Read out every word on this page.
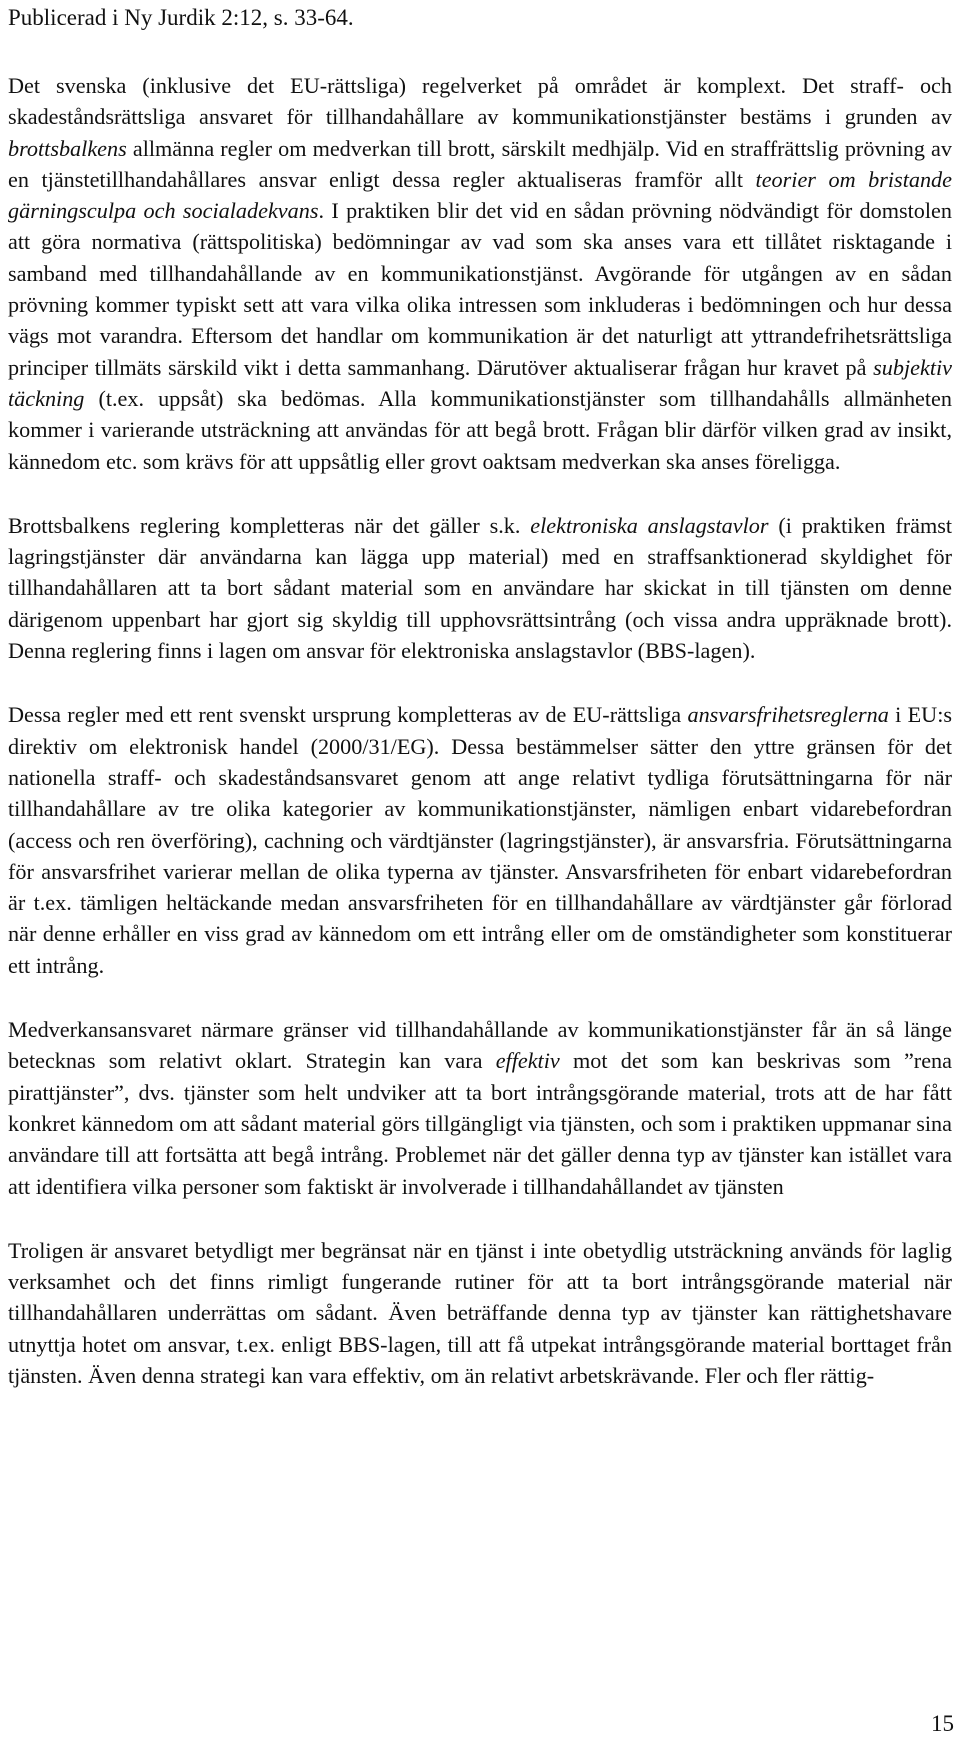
Publicerad i Ny Jurdik 2:12, s. 33-64.

Det svenska (inklusive det EU-rättsliga) regelverket på området är komplext. Det straff- och skadeståndsrättsliga ansvaret för tillhandahållare av kommunikationstjänster bestäms i grunden av brottsbalkens allmänna regler om medverkan till brott, särskilt medhjälp. Vid en straffrättslig prövning av en tjänstetillhandahållares ansvar enligt dessa regler aktualiseras framför allt teorier om bristande gärningsculpa och socialadekvans. I praktiken blir det vid en sådan prövning nödvändigt för domstolen att göra normativa (rättspolitiska) bedömningar av vad som ska anses vara ett tillåtet risktagande i samband med tillhandahållande av en kommunikationstjänst. Avgörande för utgången av en sådan prövning kommer typiskt sett att vara vilka olika intressen som inkluderas i bedömningen och hur dessa vägs mot varandra. Eftersom det handlar om kommunikation är det naturligt att yttrandefrihetsrättsliga principer tillmäts särskild vikt i detta sammanhang. Därutöver aktualiserar frågan hur kravet på subjektiv täckning (t.ex. uppsåt) ska bedömas. Alla kommunikationstjänster som tillhandahålls allmänheten kommer i varierande utsträckning att användas för att begå brott. Frågan blir därför vilken grad av insikt, kännedom etc. som krävs för att uppsåtlig eller grovt oaktsam medverkan ska anses föreligga.

Brottsbalkens reglering kompletteras när det gäller s.k. elektroniska anslagstavlor (i praktiken främst lagringstjänster där användarna kan lägga upp material) med en straffsanktionerad skyldighet för tillhandahållaren att ta bort sådant material som en användare har skickat in till tjänsten om denne därigenom uppenbart har gjort sig skyldig till upphovsrättsintrång (och vissa andra uppräknade brott). Denna reglering finns i lagen om ansvar för elektroniska anslagstavlor (BBS-lagen).

Dessa regler med ett rent svenskt ursprung kompletteras av de EU-rättsliga ansvarsfrihetsreglerna i EU:s direktiv om elektronisk handel (2000/31/EG). Dessa bestämmelser sätter den yttre gränsen för det nationella straff- och skadeståndsansvaret genom att ange relativt tydliga förutsättningarna för när tillhandahållare av tre olika kategorier av kommunikationstjänster, nämligen enbart vidarebefordran (access och ren överföring), cachning och värdtjänster (lagringstjänster), är ansvarsfria. Förutsättningarna för ansvarsfrihet varierar mellan de olika typerna av tjänster. Ansvarsfriheten för enbart vidarebefordran är t.ex. tämligen heltäckande medan ansvarsfriheten för en tillhandahållare av värdtjänster går förlorad när denne erhåller en viss grad av kännedom om ett intrång eller om de omständigheter som konstituerar ett intrång.

Medverkansansvaret närmare gränser vid tillhandahållande av kommunikationstjänster får än så länge betecknas som relativt oklart. Strategin kan vara effektiv mot det som kan beskrivas som ”rena pirattjänster”, dvs. tjänster som helt undviker att ta bort intrångsgörande material, trots att de har fått konkret kännedom om att sådant material görs tillgängligt via tjänsten, och som i praktiken uppmanar sina användare till att fortsätta att begå intrång. Problemet när det gäller denna typ av tjänster kan istället vara att identifiera vilka personer som faktiskt är involverade i tillhandahållandet av tjänsten

Troligen är ansvaret betydligt mer begränsat när en tjänst i inte obetydlig utsträckning används för laglig verksamhet och det finns rimligt fungerande rutiner för att ta bort intrångsgörande material när tillhandahållaren underrättas om sådant. Även beträffande denna typ av tjänster kan rättighetshavare utnyttja hotet om ansvar, t.ex. enligt BBS-lagen, till att få utpekat intrångsgörande material borttaget från tjänsten. Även denna strategi kan vara effektiv, om än relativt arbetskrävande. Fler och fler rättig-

15
